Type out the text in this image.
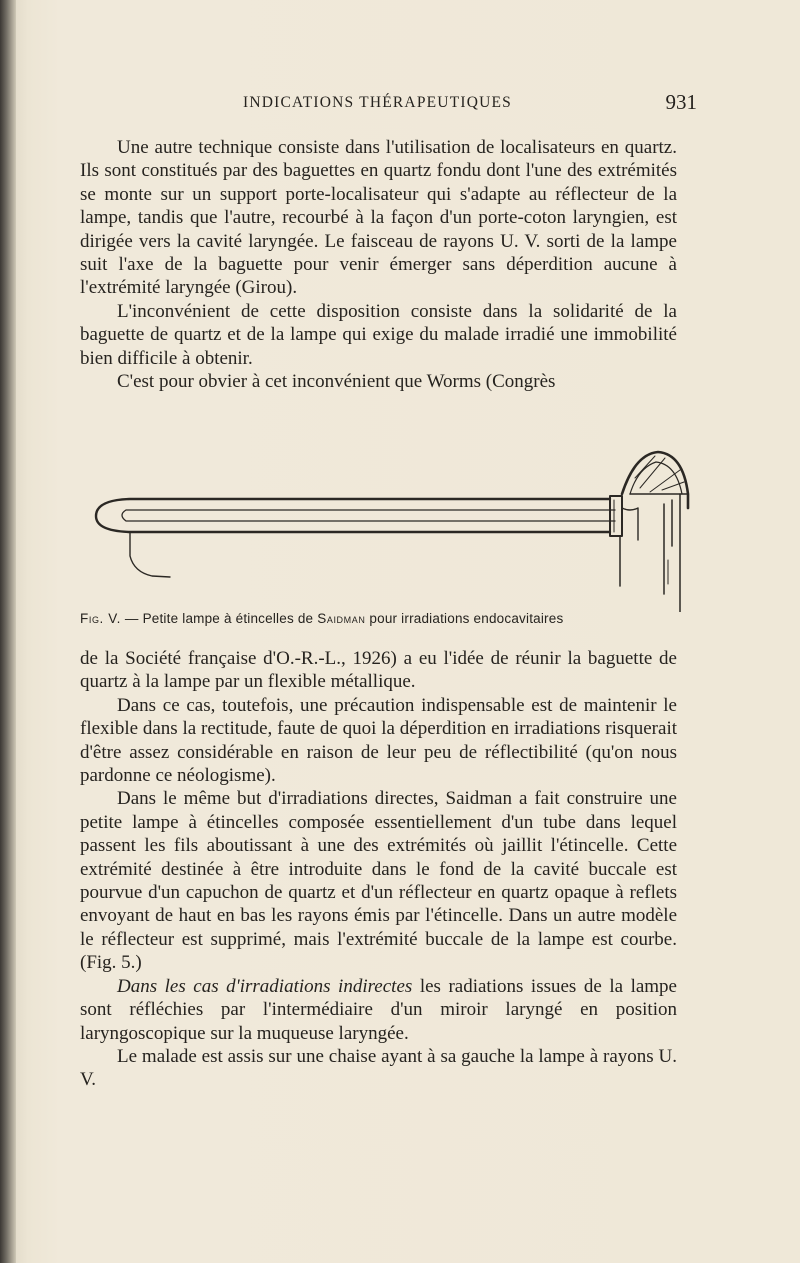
INDICATIONS THÉRAPEUTIQUES	931

Une autre technique consiste dans l'utilisation de localisateurs en quartz. Ils sont constitués par des baguettes en quartz fondu dont l'une des extrémités se monte sur un support porte-localisateur qui s'adapte au réflecteur de la lampe, tandis que l'autre, recourbé à la façon d'un porte-coton laryngien, est dirigée vers la cavité laryngée. Le faisceau de rayons U. V. sorti de la lampe suit l'axe de la baguette pour venir émerger sans déperdition aucune à l'extrémité laryngée (Girou).

L'inconvénient de cette disposition consiste dans la solidarité de la baguette de quartz et de la lampe qui exige du malade irradié une immobilité bien difficile à obtenir.

C'est pour obvier à cet inconvénient que Worms (Congrès

Fig. V. — Petite lampe à étincelles de Saidman pour irradiations endocavitaires

de la Société française d'O.-R.-L., 1926) a eu l'idée de réunir la baguette de quartz à la lampe par un flexible métallique.

Dans ce cas, toutefois, une précaution indispensable est de maintenir le flexible dans la rectitude, faute de quoi la déperdition en irradiations risquerait d'être assez considérable en raison de leur peu de réflectibilité (qu'on nous pardonne ce néologisme).

Dans le même but d'irradiations directes, Saidman a fait construire une petite lampe à étincelles composée essentiellement d'un tube dans lequel passent les fils aboutissant à une des extrémités où jaillit l'étincelle. Cette extrémité destinée à être introduite dans le fond de la cavité buccale est pourvue d'un capuchon de quartz et d'un réflecteur en quartz opaque à reflets envoyant de haut en bas les rayons émis par l'étincelle. Dans un autre modèle le réflecteur est supprimé, mais l'extrémité buccale de la lampe est courbe. (Fig. 5.)

Dans les cas d'irradiations indirectes les radiations issues de la lampe sont réfléchies par l'intermédiaire d'un miroir laryngé en position laryngoscopique sur la muqueuse laryngée.

Le malade est assis sur une chaise ayant à sa gauche la lampe à rayons U. V.
